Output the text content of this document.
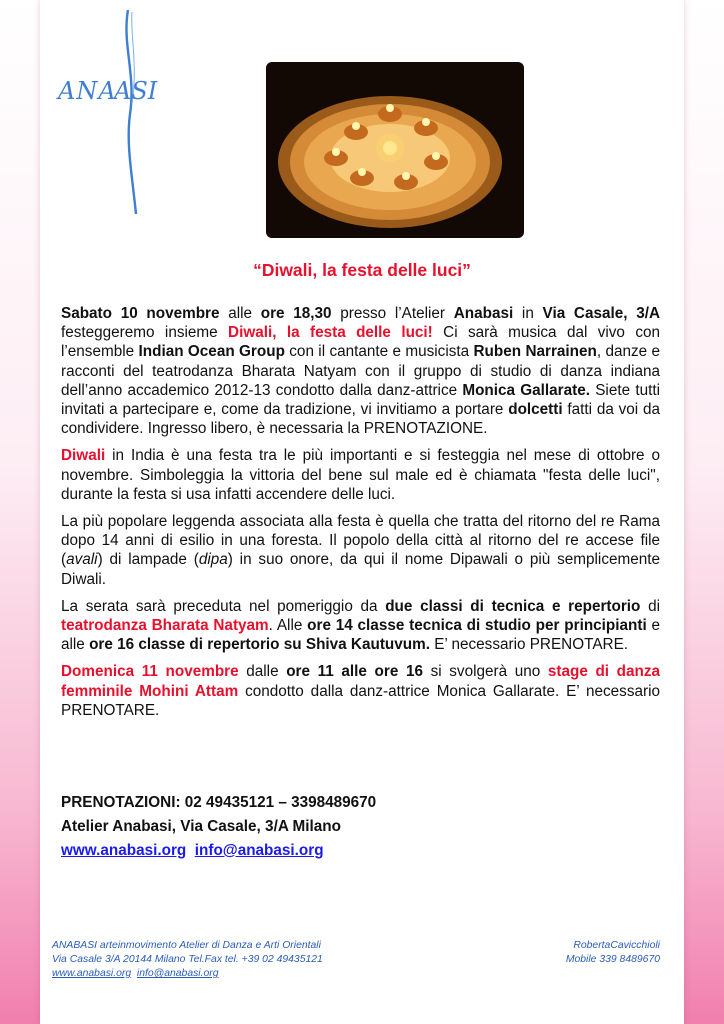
ANA
ASI
“Diwali, la festa delle luci”

Sabato 10 novembre alle ore 18,30 presso l’Atelier Anabasi in Via Casale, 3/A festeggeremo insieme Diwali, la festa delle luci! Ci sarà musica dal vivo con l’ensemble Indian Ocean Group con il cantante e musicista Ruben Narrainen, danze e racconti del teatrodanza Bharata Natyam con il gruppo di studio di danza indiana dell’anno accademico 2012-13 condotto dalla danz-attrice Monica Gallarate. Siete tutti invitati a partecipare e, come da tradizione, vi invitiamo a portare dolcetti fatti da voi da condividere. Ingresso libero, è necessaria la PRENOTAZIONE.

Diwali in India è una festa tra le più importanti e si festeggia nel mese di ottobre o novembre. Simboleggia la vittoria del bene sul male ed è chiamata "festa delle luci", durante la festa si usa infatti accendere delle luci.

La più popolare leggenda associata alla festa è quella che tratta del ritorno del re Rama dopo 14 anni di esilio in una foresta. Il popolo della città al ritorno del re accese file (avali) di lampade (dipa) in suo onore, da qui il nome Dipawali o più semplicemente Diwali.

La serata sarà preceduta nel pomeriggio da due classi di tecnica e repertorio di teatrodanza Bharata Natyam. Alle ore 14 classe tecnica di studio per principianti e alle ore 16 classe di repertorio su Shiva Kautuvum. E’ necessario PRENOTARE.

Domenica 11 novembre dalle ore 11 alle ore 16 si svolgerà uno stage di danza femminile Mohini Attam condotto dalla danz-attrice Monica Gallarate. E’ necessario PRENOTARE.

PRENOTAZIONI: 02 49435121 – 3398489670
Atelier Anabasi, Via Casale, 3/A Milano
www.anabasi.org info@anabasi.org
ANABASI arteinmovimento Atelier di Danza e Arti Orientali	RobertaCavicchioli
Via Casale 3/A 20144 Milano Tel.Fax tel. +39 02 49435121	Mobile 339 8489670
www.anabasi.org info@anabasi.org
